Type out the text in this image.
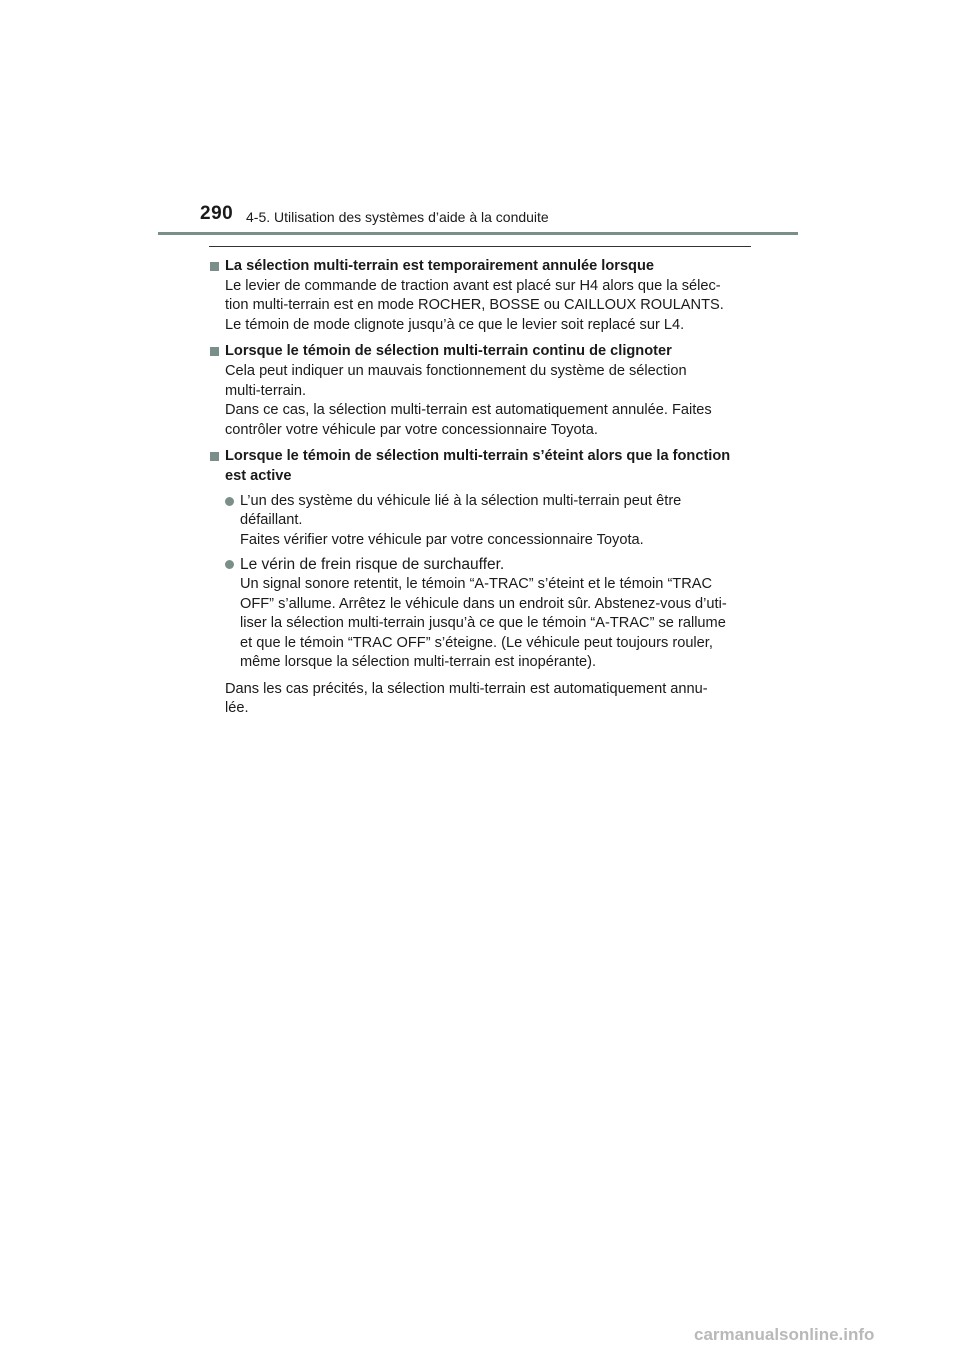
290 4-5. Utilisation des systèmes d’aide à la conduite
La sélection multi-terrain est temporairement annulée lorsque
Le levier de commande de traction avant est placé sur H4 alors que la sélec-
tion multi-terrain est en mode ROCHER, BOSSE ou CAILLOUX ROULANTS.
Le témoin de mode clignote jusqu’à ce que le levier soit replacé sur L4.
Lorsque le témoin de sélection multi-terrain continu de clignoter
Cela peut indiquer un mauvais fonctionnement du système de sélection
multi-terrain.
Dans ce cas, la sélection multi-terrain est automatiquement annulée. Faites
contrôler votre véhicule par votre concessionnaire Toyota.
Lorsque le témoin de sélection multi-terrain s’éteint alors que la fonction
est active
L’un des système du véhicule lié à la sélection multi-terrain peut être
défaillant.
Faites vérifier votre véhicule par votre concessionnaire Toyota.
Le vérin de frein risque de surchauffer.
Un signal sonore retentit, le témoin “A-TRAC” s’éteint et le témoin “TRAC
OFF” s’allume. Arrêtez le véhicule dans un endroit sûr. Abstenez-vous d’uti-
liser la sélection multi-terrain jusqu’à ce que le témoin “A-TRAC” se rallume
et que le témoin “TRAC OFF” s’éteigne. (Le véhicule peut toujours rouler,
même lorsque la sélection multi-terrain est inopérante).
Dans les cas précités, la sélection multi-terrain est automatiquement annu-
lée.
carmanualsonline.info
